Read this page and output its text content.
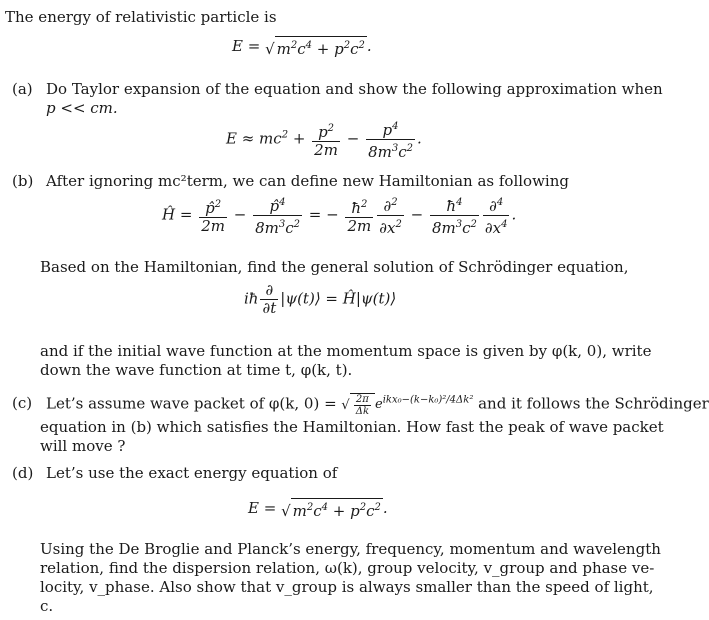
The energy of relativistic particle is
E = √ $m^2c^4 + p^2c^2$ .
(a) Do Taylor expansion of the equation and show the following approximation when
p << cm.
$E \approx mc^2 + \frac{p^2}{2m} - \frac{p^4}{8m^3c^2}$ .
(b) After ignoring mc²term, we can define new Hamiltonian as following
Ĥ = $\frac{p̂^2}{2m} - \frac{p̂^4}{8m^3c^2}$ = − $\frac{ħ^2}{2m} \frac{\partial^2}{\partial x^2} - \frac{ħ^4}{8m^3c^2} \frac{\partial^4}{\partial x^4}$ .
Based on the Hamiltonian, find the general solution of Schrödinger equation,
iħ $\frac{\partial}{\partial t}$ |ψ(t)⟩ = Ĥ|ψ(t)⟩
and if the initial wave function at the momentum space is given by φ(k, 0), write
down the wave function at time t, φ(k, t).
(c) Let’s assume wave packet of φ(k, 0) = √ $\frac{2\pi}{\Delta k} e^{ikx_0-(k-k_0)^2/4\Delta k^2}$ and it follows the Schrödinger
equation in (b) which satisfies the Hamiltonian. How fast the peak of wave packet
will move ?
(d) Let’s use the exact energy equation of
E = √ $m^2c^4 + p^2c^2$ .
Using the De Broglie and Planck’s energy, frequency, momentum and wavelength
relation, find the dispersion relation, ω(k), group velocity, v_group and phase ve-
locity, v_phase. Also show that v_group is always smaller than the speed of light,
c.
